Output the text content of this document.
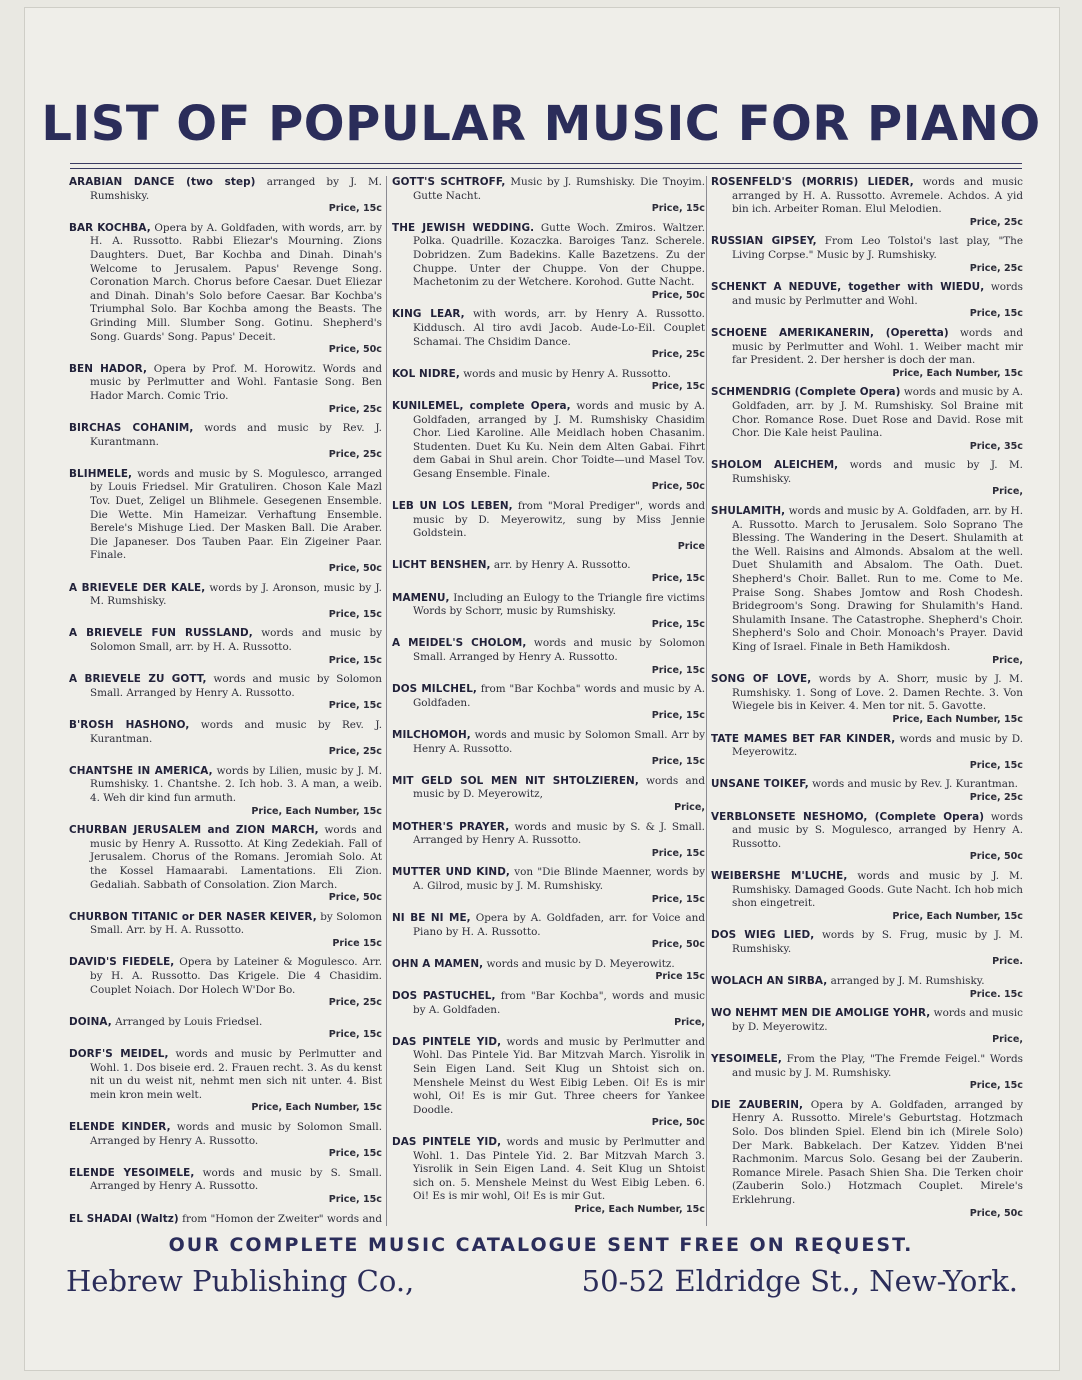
LIST OF POPULAR MUSIC FOR PIANO
ARABIAN DANCE (two step) arranged by J. M. Rumshisky.
Price, 15c
BAR KOCHBA, Opera by A. Goldfaden, with words, arr. by H. A. Russotto. Rabbi Eliezar's Mourning. Zions Daughters. Duet, Bar Kochba and Dinah. Dinah's Welcome to Jerusalem. Papus' Revenge Song. Coronation March. Chorus before Caesar. Duet Eliezar and Dinah. Dinah's Solo before Caesar. Bar Kochba's Triumphal Solo. Bar Kochba among the Beasts. The Grinding Mill. Slumber Song. Gotinu. Shepherd's Song. Guards' Song. Papus' Deceit.
Price, 50c
BEN HADOR, Opera by Prof. M. Horowitz. Words and music by Perlmutter and Wohl. Fantasie Song. Ben Hador March. Comic Trio.
Price, 25c
BIRCHAS COHANIM, words and music by Rev. J. Kurantmann.
Price, 25c
BLIHMELE, words and music by S. Mogulesco, arranged by Louis Friedsel. Mir Gratuliren. Choson Kale Mazl Tov. Duet, Zeligel un Blihmele. Gesegenen Ensemble. Die Wette. Min Hameizar. Verhaftung Ensemble. Berele's Mishuge Lied. Der Masken Ball. Die Araber. Die Japaneser. Dos Tauben Paar. Ein Zigeiner Paar. Finale.
Price, 50c
A BRIEVELE DER KALE, words by J. Aronson, music by J. M. Rumshisky.
Price, 15c
A BRIEVELE FUN RUSSLAND, words and music by Solomon Small, arr. by H. A. Russotto.
Price, 15c
A BRIEVELE ZU GOTT, words and music by Solomon Small. Arranged by Henry A. Russotto.
Price, 15c
B'ROSH HASHONO, words and music by Rev. J. Kurantman.
Price, 25c
CHANTSHE IN AMERICA, words by Lilien, music by J. M. Rumshisky. 1. Chantshe. 2. Ich hob. 3. A man, a weib. 4. Weh dir kind fun armuth.
Price, Each Number, 15c
CHURBAN JERUSALEM and ZION MARCH, words and music by Henry A. Russotto. At King Zedekiah. Fall of Jerusalem. Chorus of the Romans. Jeromiah Solo. At the Kossel Hamaarabi. Lamentations. Eli Zion. Gedaliah. Sabbath of Consolation. Zion March.
Price, 50c
CHURBON TITANIC or DER NASER KEIVER, by Solomon Small. Arr. by H. A. Russotto.
Price 15c
DAVID'S FIEDELE, Opera by Lateiner & Mogulesco. Arr. by H. A. Russotto. Das Krigele. Die 4 Chasidim. Couplet Noiach. Dor Holech W'Dor Bo.
Price, 25c
DOINA, Arranged by Louis Friedsel.
Price, 15c
DORF'S MEIDEL, words and music by Perlmutter and Wohl. 1. Dos biseie erd. 2. Frauen recht. 3. As du kenst nit un du weist nit, nehmt men sich nit unter. 4. Bist mein kron mein welt.
Price, Each Number, 15c
ELENDE KINDER, words and music by Solomon Small. Arranged by Henry A. Russotto.
Price, 15c
ELENDE YESOIMELE, words and music by S. Small. Arranged by Henry A. Russotto.
Price, 15c
EL SHADAI (Waltz) from "Homon der Zweiter" words and
GOTT'S SCHTROFF, Music by J. Rumshisky. Die Tnoyim. Gutte Nacht.
Price, 15c
THE JEWISH WEDDING. Gutte Woch. Zmiros. Waltzer. Polka. Quadrille. Kozaczka. Baroiges Tanz. Scherele. Dobridzen. Zum Badekins. Kalle Bazetzens. Zu der Chuppe. Unter der Chuppe. Von der Chuppe. Machetonim zu der Wetchere. Korohod. Gutte Nacht.
Price, 50c
KING LEAR, with words, arr. by Henry A. Russotto. Kiddusch. Al tiro avdi Jacob. Aude-Lo-Eil. Couplet Schamai. The Chsidim Dance.
Price, 25c
KOL NIDRE, words and music by Henry A. Russotto.
Price, 15c
KUNILEMEL, complete Opera, words and music by A. Goldfaden, arranged by J. M. Rumshisky Chasidim Chor. Lied Karoline. Alle Meidlach hoben Chasanim. Studenten. Duet Ku Ku. Nein dem Alten Gabai. Fihrt dem Gabai in Shul arein. Chor Toidte—und Masel Tov. Gesang Ensemble. Finale.
Price, 50c
LEB UN LOS LEBEN, from "Moral Prediger", words and music by D. Meyerowitz, sung by Miss Jennie Goldstein.
Price
LICHT BENSHEN, arr. by Henry A. Russotto.
Price, 15c
MAMENU, Including an Eulogy to the Triangle fire victims Words by Schorr, music by Rumshisky.
Price, 15c
A MEIDEL'S CHOLOM, words and music by Solomon Small. Arranged by Henry A. Russotto.
Price, 15c
DOS MILCHEL, from "Bar Kochba" words and music by A. Goldfaden.
Price, 15c
MILCHOMOH, words and music by Solomon Small. Arr by Henry A. Russotto.
Price, 15c
MIT GELD SOL MEN NIT SHTOLZIEREN, words and music by D. Meyerowitz,
Price,
MOTHER'S PRAYER, words and music by S. & J. Small. Arranged by Henry A. Russotto.
Price, 15c
MUTTER UND KIND, von "Die Blinde Maenner, words by A. Gilrod, music by J. M. Rumshisky.
Price, 15c
NI BE NI ME, Opera by A. Goldfaden, arr. for Voice and Piano by H. A. Russotto.
Price, 50c
OHN A MAMEN, words and music by D. Meyerowitz.
Price 15c
DOS PASTUCHEL, from "Bar Kochba", words and music by A. Goldfaden.
Price,
DAS PINTELE YID, words and music by Perlmutter and Wohl. Das Pintele Yid. Bar Mitzvah March. Yisrolik in Sein Eigen Land. Seit Klug un Shtoist sich on. Menshele Meinst du West Eibig Leben. Oi! Es is mir wohl, Oi! Es is mir Gut. Three cheers for Yankee Doodle.
Price, 50c
DAS PINTELE YID, words and music by Perlmutter and Wohl. 1. Das Pintele Yid. 2. Bar Mitzvah March 3. Yisrolik in Sein Eigen Land. 4. Seit Klug un Shtoist sich on. 5. Menshele Meinst du West Eibig Leben. 6. Oi! Es is mir wohl, Oi! Es is mir Gut.
Price, Each Number, 15c
ROSENFELD'S (MORRIS) LIEDER, words and music arranged by H. A. Russotto. Avremele. Achdos. A yid bin ich. Arbeiter Roman. Elul Melodien.
Price, 25c
RUSSIAN GIPSEY, From Leo Tolstoi's last play, "The Living Corpse." Music by J. Rumshisky.
Price, 25c
SCHENKT A NEDUVE, together with WIEDU, words and music by Perlmutter and Wohl.
Price, 15c
SCHOENE AMERIKANERIN, (Operetta) words and music by Perlmutter and Wohl. 1. Weiber macht mir far President. 2. Der hersher is doch der man.
Price, Each Number, 15c
SCHMENDRIG (Complete Opera) words and music by A. Goldfaden, arr. by J. M. Rumshisky. Sol Braine mit Chor. Romance Rose. Duet Rose and David. Rose mit Chor. Die Kale heist Paulina.
Price, 35c
SHOLOM ALEICHEM, words and music by J. M. Rumshisky.
Price,
SHULAMITH, words and music by A. Goldfaden, arr. by H. A. Russotto. March to Jerusalem. Solo Soprano The Blessing. The Wandering in the Desert. Shulamith at the Well. Raisins and Almonds. Absalom at the well. Duet Shulamith and Absalom. The Oath. Duet. Shepherd's Choir. Ballet. Run to me. Come to Me. Praise Song. Shabes Jomtow and Rosh Chodesh. Bridegroom's Song. Drawing for Shulamith's Hand. Shulamith Insane. The Catastrophe. Shepherd's Choir. Shepherd's Solo and Choir. Monoach's Prayer. David King of Israel. Finale in Beth Hamikdosh.
Price,
SONG OF LOVE, words by A. Shorr, music by J. M. Rumshisky. 1. Song of Love. 2. Damen Rechte. 3. Von Wiegele bis in Keiver. 4. Men tor nit. 5. Gavotte.
Price, Each Number, 15c
TATE MAMES BET FAR KINDER, words and music by D. Meyerowitz.
Price, 15c
UNSANE TOIKEF, words and music by Rev. J. Kurantman.
Price, 25c
VERBLONSETE NESHOMO, (Complete Opera) words and music by S. Mogulesco, arranged by Henry A. Russotto.
Price, 50c
WEIBERSHE M'LUCHE, words and music by J. M. Rumshisky. Damaged Goods. Gute Nacht. Ich hob mich shon eingetreit.
Price, Each Number, 15c
DOS WIEG LIED, words by S. Frug, music by J. M. Rumshisky.
Price.
WOLACH AN SIRBA, arranged by J. M. Rumshisky.
Price. 15c
WO NEHMT MEN DIE AMOLIGE YOHR, words and music by D. Meyerowitz.
Price,
YESOIMELE, From the Play, "The Fremde Feigel." Words and music by J. M. Rumshisky.
Price, 15c
DIE ZAUBERIN, Opera by A. Goldfaden, arranged by Henry A. Russotto. Mirele's Geburtstag. Hotzmach Solo. Dos blinden Spiel. Elend bin ich (Mirele Solo) Der Mark. Babkelach. Der Katzev. Yidden B'nei Rachmonim. Marcus Solo. Gesang bei der Zauberin. Romance Mirele. Pasach Shien Sha. Die Terken choir (Zauberin Solo.) Hotzmach Couplet. Mirele's Erklehrung.
Price, 50c
OUR COMPLETE MUSIC CATALOGUE SENT FREE ON REQUEST.
Hebrew Publishing Co.,	50-52 Eldridge St., New-York.
